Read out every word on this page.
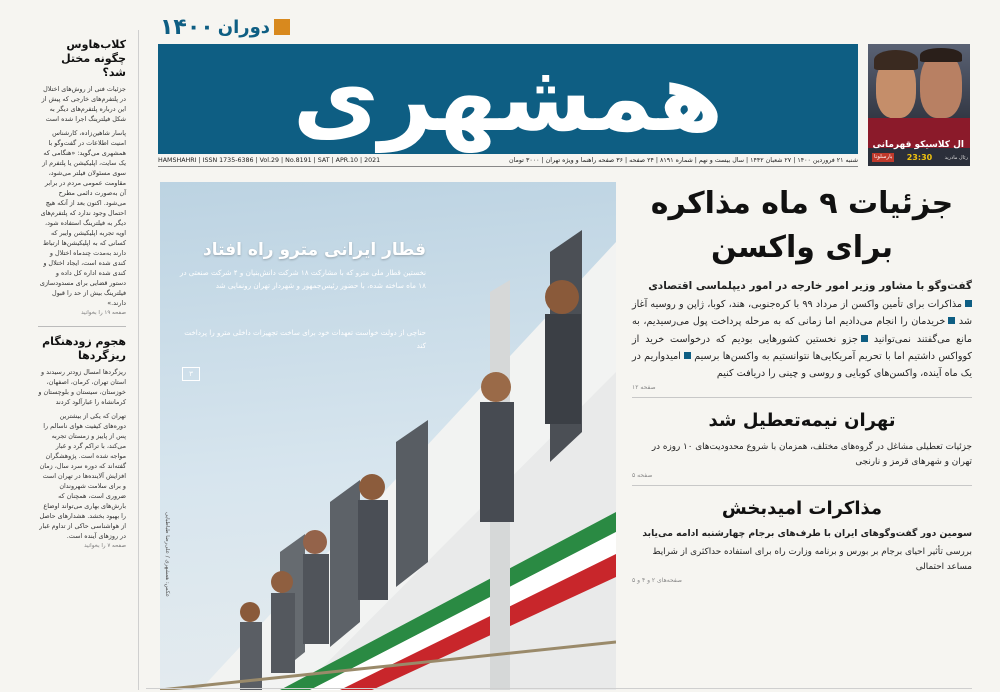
کلاب‌هاوس چگونه مختل شد؟
جزئیات فنی از روش‌های اختلال در پلتفرم‌های خارجی که پیش از این درباره پلتفرم‌های دیگر به شکل فیلترینگ اجرا شده است
پاسار شاهین‌زاده، کارشناس امنیت اطلاعات در گفت‌وگو با همشهری می‌گوید: «هنگامی که یک سایت، اپلیکیشن یا پلتفرم از سوی مسئولان فیلتر می‌شود، مقاومت عمومی مردم در برابر آن به‌صورت دائمی مطرح می‌شود. اکنون بعد از آنکه هیچ احتمال وجود ندارد که پلتفرم‌های دیگر به فیلترینگ استفاده شود، اوپه تجربه اپلیکیشن وایبر که کسانی که به اپلیکیشن‌ها ارتباط دارند به‌مدت چندماه اختلال و کندی شده است، ایجاد اختلال و کندی شده اداره کل داده و دستور قضایی برای مسدودسازی فیلترینگ بیش از حد را قبول دارند.»
صفحه ۱۹ را بخوانید
هجوم زودهنگام ریزگردها
ریزگردها امسال زودتر رسیدند و استان تهران، کرمان، اصفهان، خوزستان، سیستان و بلوچستان و کرمانشاه را غبارآلود کردند
تهران که یکی از بیشترین دوره‌های کیفیت هوای ناسالم را پس از پاییز و زمستان تجربه می‌کند، با تراکم گرد و غبار مواجه شده است. پژوهشگران گفته‌اند که دوره سرد سال، زمان افزایش آلاینده‌ها در تهران است و برای سلامت شهروندان ضروری است، همچنان که بارش‌های بهاری می‌تواند اوضاع را بهبود بخشد. هشدارهای حاصل از هواشناسی حاکی از تداوم غبار در روزهای آینده است.
صفحه ۷ را بخوانید
دوران
۱۴۰۰
همشهری
HAMSHAHRI | ISSN 1735-6386 | Vol.29 | No.8191 | SAT | APR.10 | 2021	شنبه ۲۱ فروردین ۱۴۰۰ | ۲۷ شعبان ۱۴۴۲ | سال بیست و نهم | شماره ۸۱۹۱ | ۲۴ صفحه | ۳۶ صفحه راهنما و ویژه تهران | ۳۰۰۰ تومان
ال کلاسیکو قهرمانی
رئال مادرید
23:30
بارسلونا
قطار ایرانی مترو راه افتاد
نخستین قطار ملی مترو که با مشارکت ۱۸ شرکت دانش‌بنیان و ۴ شرکت صنعتی در ۱۸ ماه ساخته شده، با حضور رئیس‌جمهور و شهردار تهران رونمایی شد
حناچی از دولت خواست تعهدات خود برای ساخت تجهیزات داخلی مترو را پرداخت کند
۳
عکس: همشهری / علی‌رضا طباطبایی
جزئیات ۹ ماه مذاکره برای واکسن
گفت‌وگو با مشاور وزیر امور خارجه در امور دیپلماسی اقتصادی
مذاکرات برای تأمین واکسن از مرداد ۹۹ با کره‌جنوبی، هند، کوبا، ژاپن و روسیه آغاز شد خریدمان را انجام می‌دادیم اما زمانی که به مرحله پرداخت پول می‌رسیدیم، به مانع می‌گفتند نمی‌توانید جزو نخستین کشورهایی بودیم که درخواست خرید از کوواکس داشتیم اما با تحریم آمریکایی‌ها نتوانستیم به واکسن‌ها برسیم امیدواریم در یک ماه آینده، واکسن‌های کوبایی و روسی و چینی را دریافت کنیم
صفحه ۱۲
تهران نیمه‌تعطیل شد
جزئیات تعطیلی مشاغل در گروه‌های مختلف، همزمان با شروع محدودیت‌های ۱۰ روزه در تهران و شهرهای قرمز و نارنجی
صفحه ۵
مذاکرات امیدبخش
سومین دور گفت‌وگوهای ایران با طرف‌های برجام چهارشنبه ادامه می‌یابد
بررسی تأثیر احیای برجام بر بورس و برنامه وزارت راه برای استفاده حداکثری از شرایط مساعد احتمالی
صفحه‌های ۲ و ۴ و ۵
